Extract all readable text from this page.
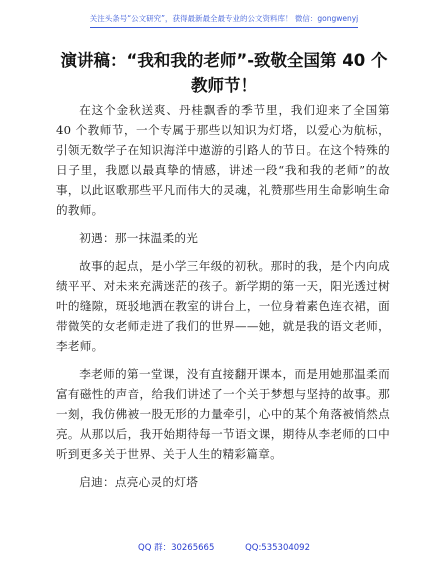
关注头条号“公文研究”，获得最新最全最专业的公文资料库！ 微信：gongwenyj
演讲稿：“我和我的老师”-致敬全国第 40 个教师节！

在这个金秋送爽、丹桂飘香的季节里，我们迎来了全国第 40 个教师节，一个专属于那些以知识为灯塔，以爱心为航标，引领无数学子在知识海洋中遨游的引路人的节日。在这个特殊的日子里，我愿以最真挚的情感，讲述一段“我和我的老师”的故事，以此讴歌那些平凡而伟大的灵魂，礼赞那些用生命影响生命的教师。

初遇：那一抹温柔的光

故事的起点，是小学三年级的初秋。那时的我，是个内向成绩平平、对未来充满迷茫的孩子。新学期的第一天，阳光透过树叶的缝隙，斑驳地洒在教室的讲台上，一位身着素色连衣裙，面带微笑的女老师走进了我们的世界——她，就是我的语文老师，李老师。

李老师的第一堂课，没有直接翻开课本，而是用她那温柔而富有磁性的声音，给我们讲述了一个关于梦想与坚持的故事。那一刻，我仿佛被一股无形的力量牵引，心中的某个角落被悄然点亮。从那以后，我开始期待每一节语文课，期待从李老师的口中听到更多关于世界、关于人生的精彩篇章。

启迪：点亮心灵的灯塔

QQ 群：30265665	QQ:535304092
